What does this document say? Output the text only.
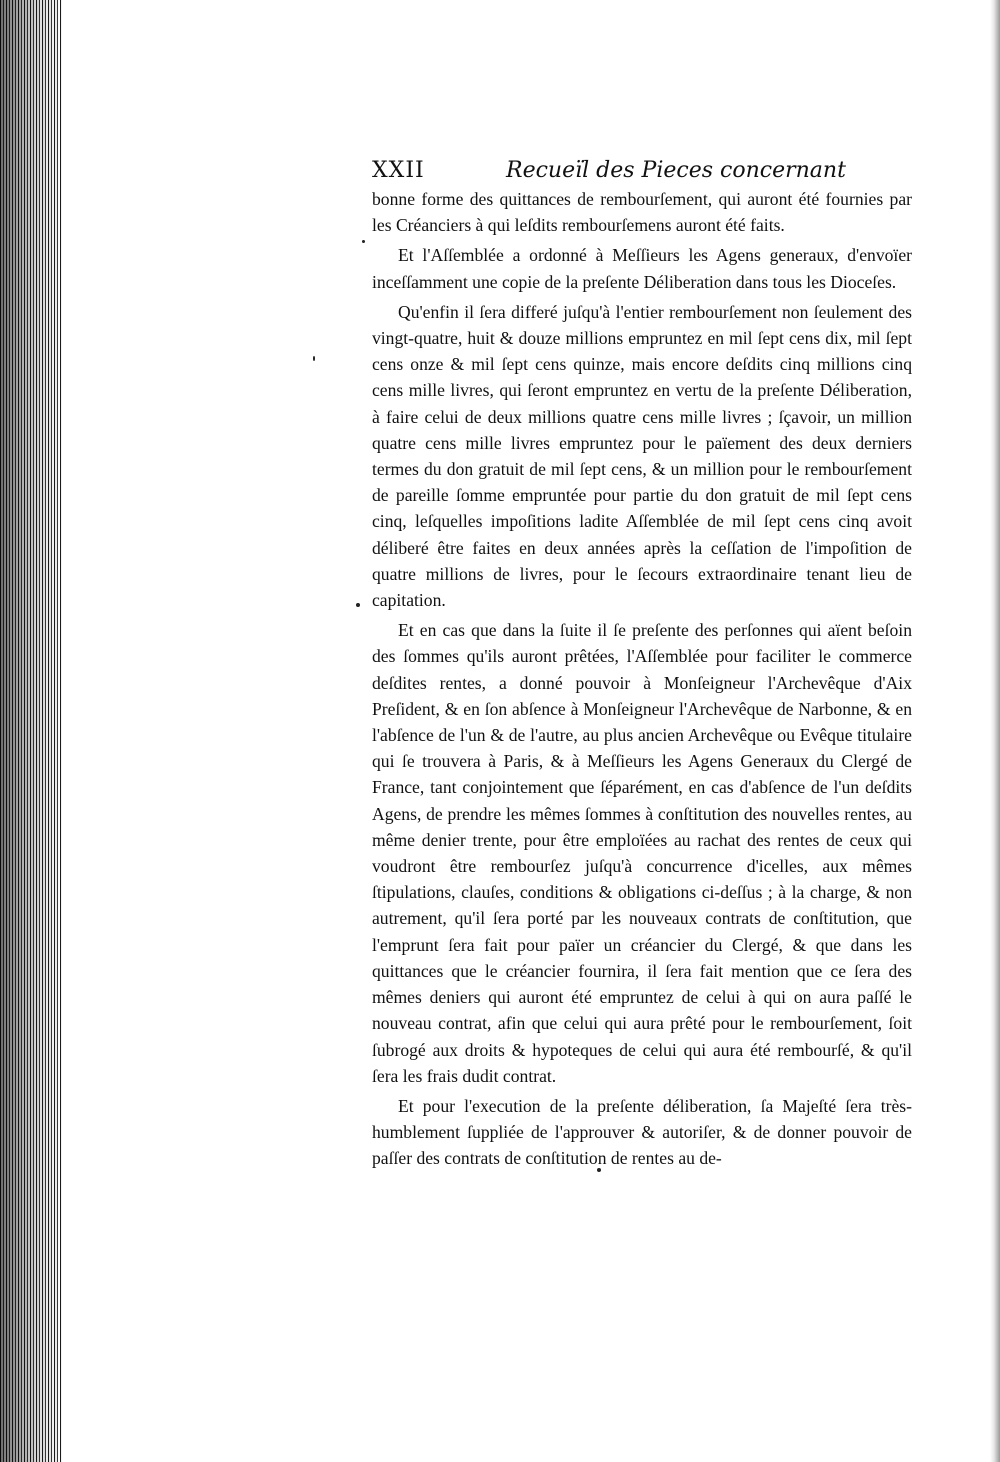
XXII	Recueïl des Pieces concernant

bonne forme des quittances de rembourſement, qui auront été fournies par les Créanciers à qui leſdits rembourſemens auront été faits.

Et l'Aſſemblée a ordonné à Meſſieurs les Agens generaux, d'envoïer inceſſamment une copie de la preſente Déliberation dans tous les Dioceſes.

Qu'enfin il ſera differé juſqu'à l'entier rembourſement non ſeulement des vingt-quatre, huit & douze millions empruntez en mil ſept cens dix, mil ſept cens onze & mil ſept cens quinze, mais encore deſdits cinq millions cinq cens mille livres, qui ſeront empruntez en vertu de la preſente Déliberation, à faire celui de deux millions quatre cens mille livres ; ſçavoir, un million quatre cens mille livres empruntez pour le païement des deux derniers termes du don gratuit de mil ſept cens, & un million pour le rembourſement de pareille ſomme empruntée pour partie du don gratuit de mil ſept cens cinq, leſquelles impoſitions ladite Aſſemblée de mil ſept cens cinq avoit déliberé être faites en deux années après la ceſſation de l'impoſition de quatre millions de livres, pour le ſecours extraordinaire tenant lieu de capitation.

Et en cas que dans la ſuite il ſe preſente des perſonnes qui aïent beſoin des ſommes qu'ils auront prêtées, l'Aſſemblée pour faciliter le commerce deſdites rentes, a donné pouvoir à Monſeigneur l'Archevêque d'Aix Preſident, & en ſon abſence à Monſeigneur l'Archevêque de Narbonne, & en l'abſence de l'un & de l'autre, au plus ancien Archevêque ou Evêque titulaire qui ſe trouvera à Paris, & à Meſſieurs les Agens Generaux du Clergé de France, tant conjointement que ſéparément, en cas d'abſence de l'un deſdits Agens, de prendre les mêmes ſommes à conſtitution des nouvelles rentes, au même denier trente, pour être emploïées au rachat des rentes de ceux qui voudront être rembourſez juſqu'à concurrence d'icelles, aux mêmes ſtipulations, clauſes, conditions & obligations ci-deſſus ; à la charge, & non autrement, qu'il ſera porté par les nouveaux contrats de conſtitution, que l'emprunt ſera fait pour païer un créancier du Clergé, & que dans les quittances que le créancier fournira, il ſera fait mention que ce ſera des mêmes deniers qui auront été empruntez de celui à qui on aura paſſé le nouveau contrat, afin que celui qui aura prêté pour le rembourſement, ſoit ſubrogé aux droits & hypoteques de celui qui aura été rembourſé, & qu'il ſera les frais dudit contrat.

Et pour l'execution de la preſente déliberation, ſa Majeſté ſera très-humblement ſuppliée de l'approuver & autoriſer, & de donner pouvoir de paſſer des contrats de conſtitution de rentes au de-
